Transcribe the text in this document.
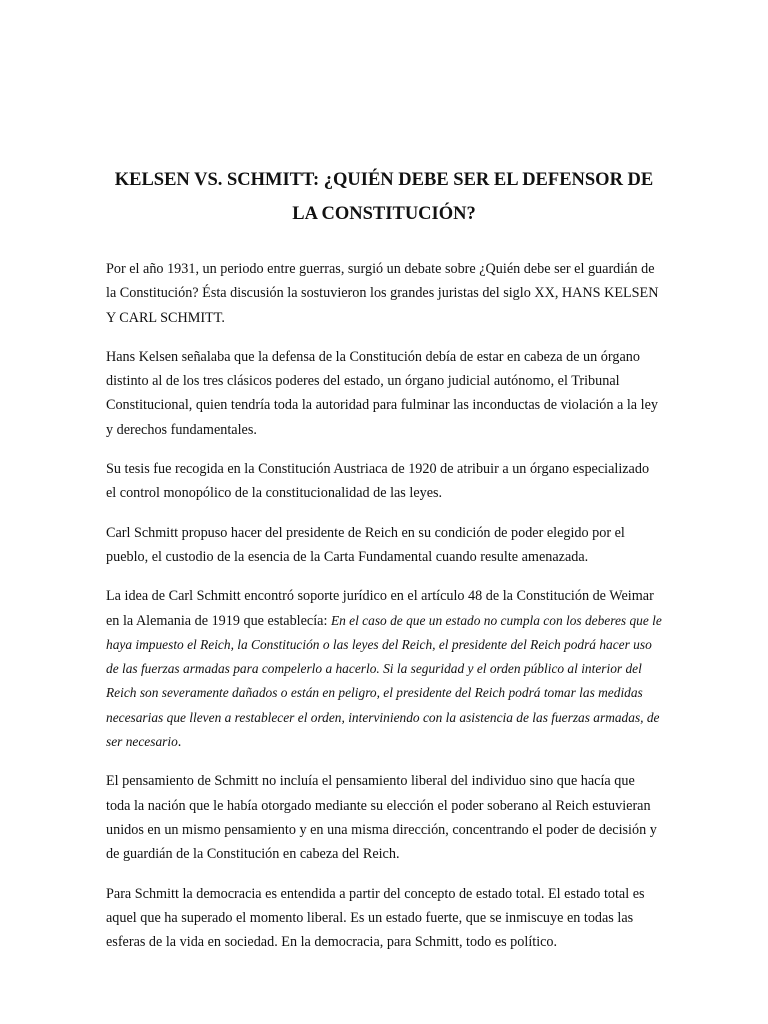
KELSEN VS. SCHMITT: ¿QUIÉN DEBE SER EL DEFENSOR DE LA CONSTITUCIÓN?

Por el año 1931, un periodo entre guerras, surgió un debate sobre ¿Quién debe ser el guardián de la Constitución? Ésta discusión la sostuvieron los grandes juristas del siglo XX, HANS KELSEN Y CARL SCHMITT.

Hans Kelsen señalaba que la defensa de la Constitución debía de estar en cabeza de un órgano distinto al de los tres clásicos poderes del estado, un órgano judicial autónomo, el Tribunal Constitucional, quien tendría toda la autoridad para fulminar las inconductas de violación a la ley y derechos fundamentales.

Su tesis fue recogida en la Constitución Austriaca de 1920 de atribuir a un órgano especializado el control monopólico de la constitucionalidad de las leyes.

Carl Schmitt propuso hacer del presidente de Reich en su condición de poder elegido por el pueblo, el custodio de la esencia de la Carta Fundamental cuando resulte amenazada.

La idea de Carl Schmitt encontró soporte jurídico en el artículo 48 de la Constitución de Weimar en la Alemania de 1919 que establecía: En el caso de que un estado no cumpla con los deberes que le haya impuesto el Reich, la Constitución o las leyes del Reich, el presidente del Reich podrá hacer uso de las fuerzas armadas para compelerlo a hacerlo. Si la seguridad y el orden público al interior del Reich son severamente dañados o están en peligro, el presidente del Reich podrá tomar las medidas necesarias que lleven a restablecer el orden, interviniendo con la asistencia de las fuerzas armadas, de ser necesario.

El pensamiento de Schmitt no incluía el pensamiento liberal del individuo sino que hacía que toda la nación que le había otorgado mediante su elección el poder soberano al Reich estuvieran unidos en un mismo pensamiento y en una misma dirección, concentrando el poder de decisión y de guardián de la Constitución en cabeza del Reich.

Para Schmitt la democracia es entendida a partir del concepto de estado total. El estado total es aquel que ha superado el momento liberal. Es un estado fuerte, que se inmiscuye en todas las esferas de la vida en sociedad. En la democracia, para Schmitt, todo es político.
